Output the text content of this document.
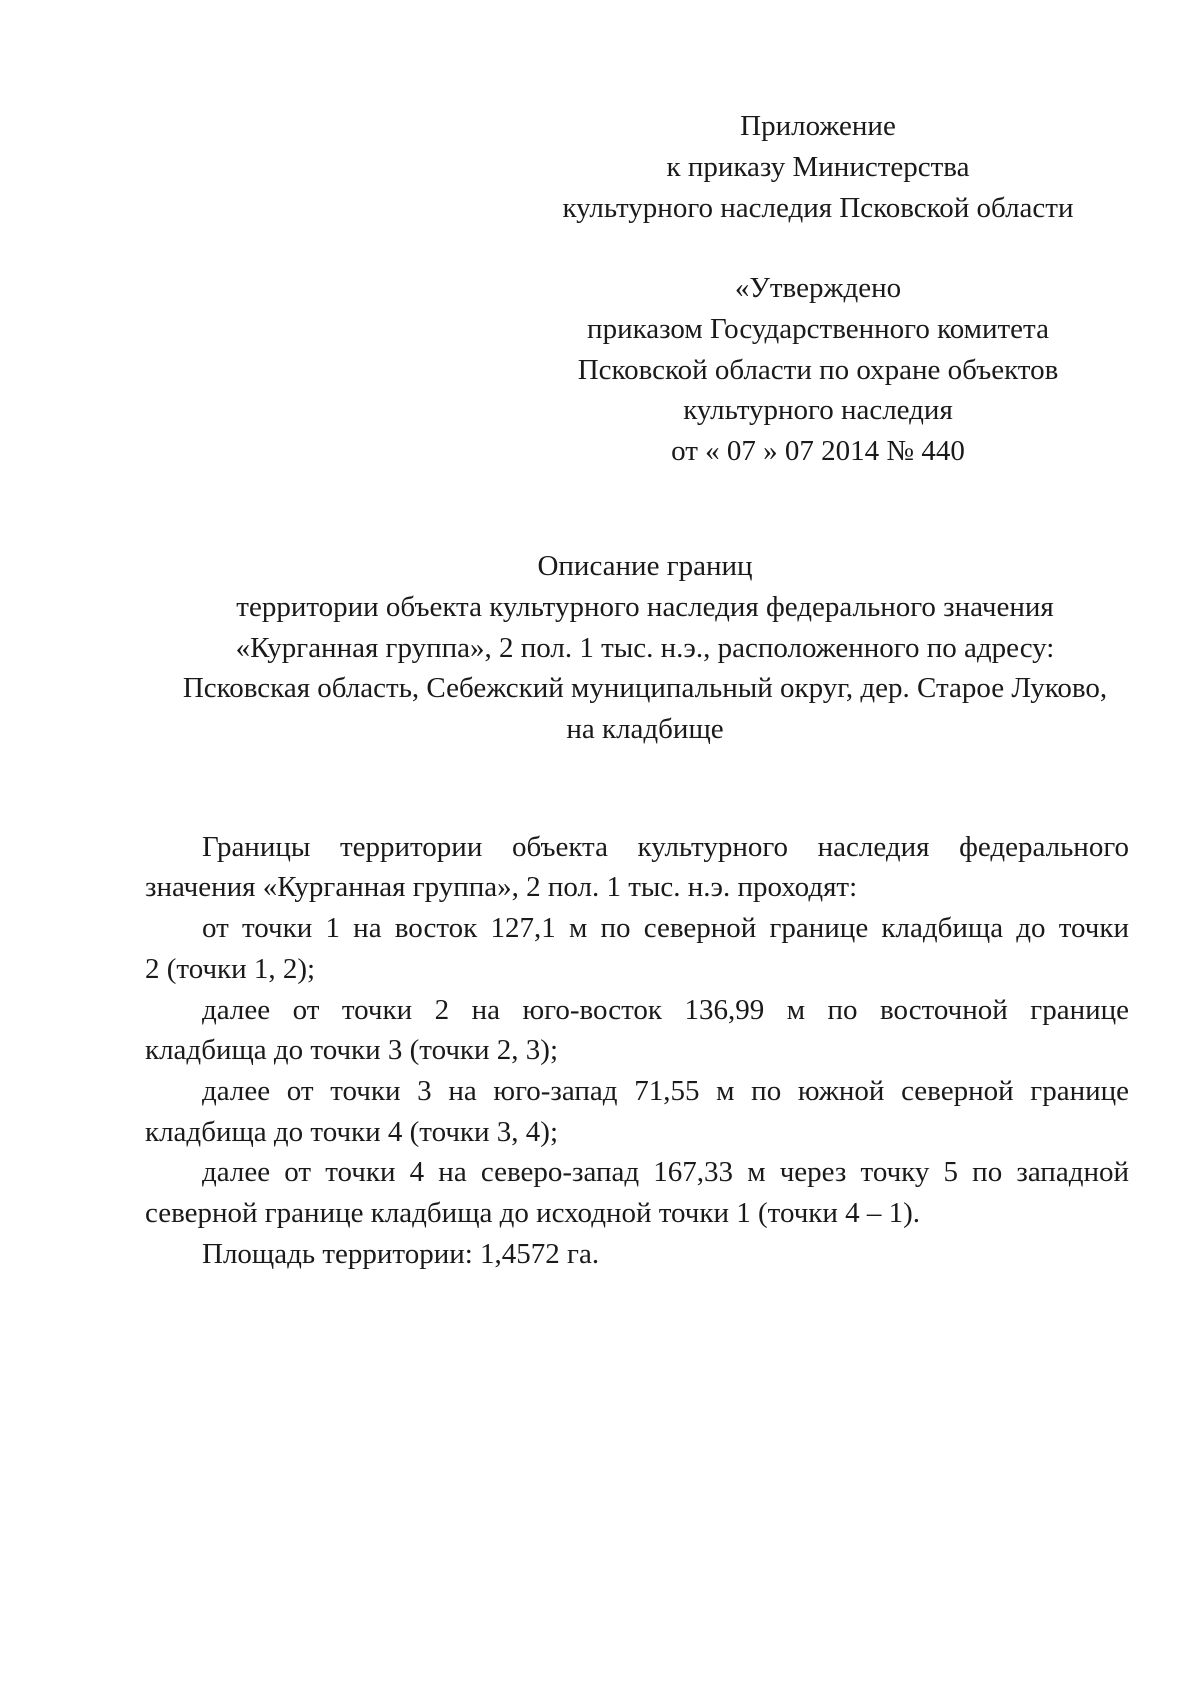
Приложение
к приказу Министерства
культурного наследия Псковской области
«Утверждено
приказом Государственного комитета
Псковской области по охране объектов
культурного наследия
от « 07 » 07 2014 № 440
Описание границ
территории объекта культурного наследия федерального значения
«Курганная группа», 2 пол. 1 тыс. н.э., расположенного по адресу:
Псковская область, Себежский муниципальный округ, дер. Старое Луково,
на кладбище
Границы территории объекта культурного наследия федерального
значения «Курганная группа», 2 пол. 1 тыс. н.э. проходят:
от точки 1 на восток 127,1 м по северной границе кладбища до точки
2 (точки 1, 2);
далее от точки 2 на юго-восток 136,99 м по восточной границе
кладбища до точки 3 (точки 2, 3);
далее от точки 3 на юго-запад 71,55 м по южной северной границе
кладбища до точки 4 (точки 3, 4);
далее от точки 4 на северо-запад 167,33 м через точку 5 по западной
северной границе кладбища до исходной точки 1 (точки 4 – 1).
Площадь территории: 1,4572 га.
